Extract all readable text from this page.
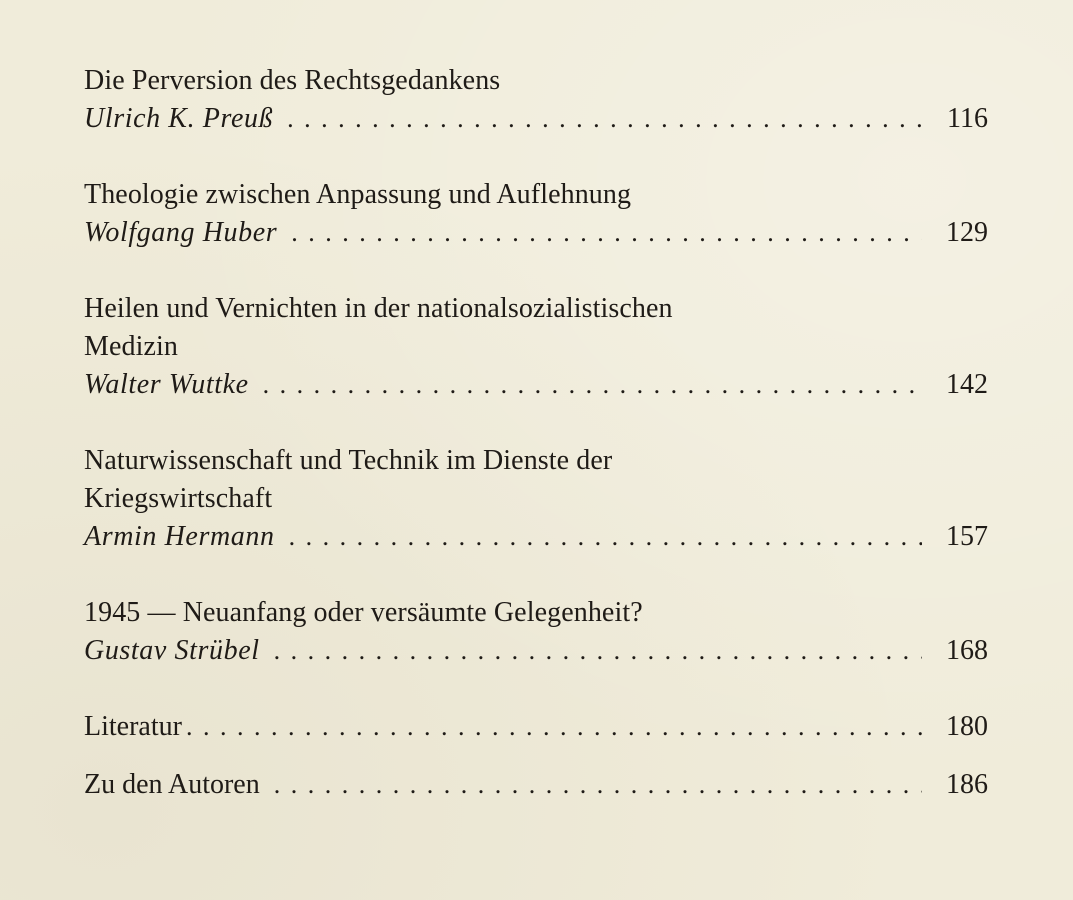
Die Perversion des Rechtsgedankens
Ulrich K. Preuß . . .	116
Theologie zwischen Anpassung und Auflehnung
Wolfgang Huber . . .	129
Heilen und Vernichten in der nationalsozialistischen
Medizin
Walter Wuttke . . .	142
Naturwissenschaft und Technik im Dienste der
Kriegswirtschaft
Armin Hermann . . .	157
1945 — Neuanfang oder versäumte Gelegenheit?
Gustav Strübel . . .	168
Literatur . . .	180
Zu den Autoren . . .	186
